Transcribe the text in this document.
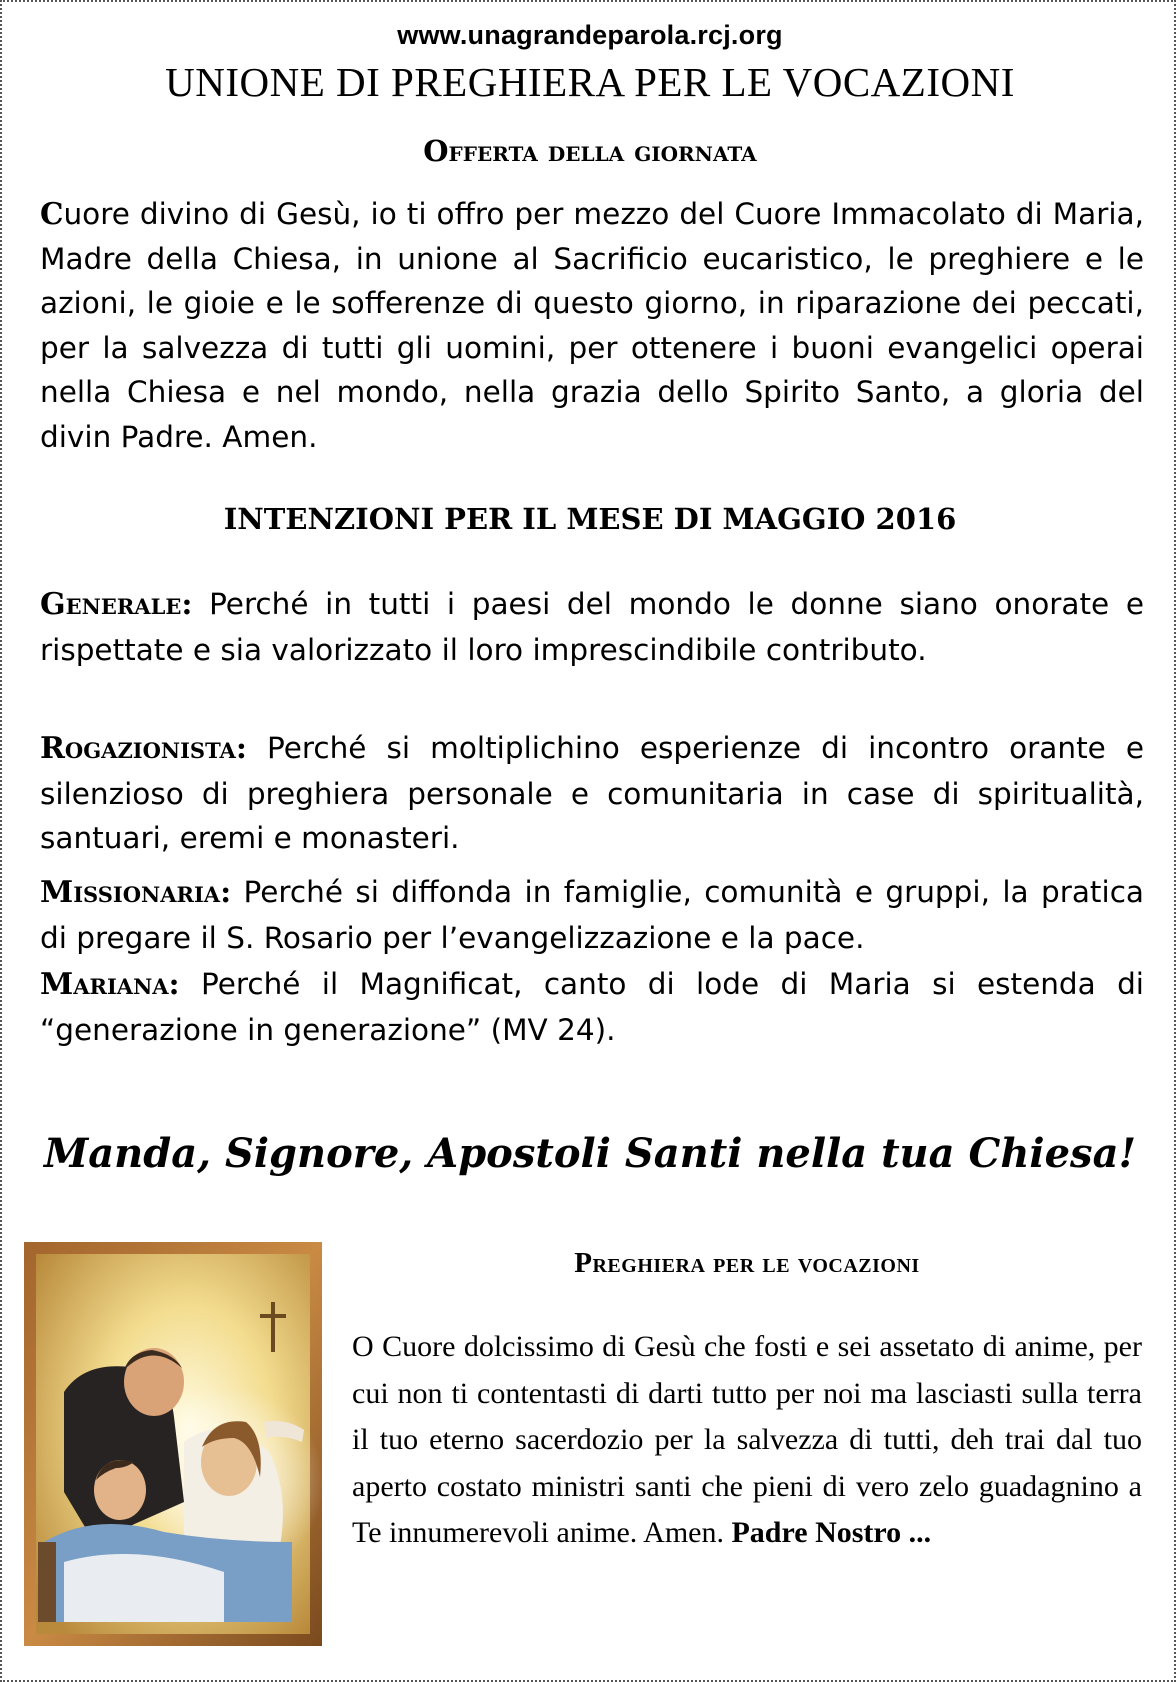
www.unagrandeparola.rcj.org
UNIONE DI PREGHIERA PER LE VOCAZIONI
Offerta della giornata
Cuore divino di Gesù, io ti offro per mezzo del Cuore Immacolato di Maria, Madre della Chiesa, in unione al Sacrificio eucaristico, le preghiere e le azioni, le gioie e le sofferenze di questo giorno, in riparazione dei peccati, per la salvezza di tutti gli uomini, per ottenere i buoni evangelici operai nella Chiesa e nel mondo, nella grazia dello Spirito Santo, a gloria del divin Padre. Amen.
INTENZIONI PER IL MESE DI MAGGIO 2016
Generale: Perché in tutti i paesi del mondo le donne siano onorate e rispettate e sia valorizzato il loro imprescindibile contributo.
Rogazionista: Perché si moltiplichino esperienze di incontro orante e silenzioso di preghiera personale e comunitaria in case di spiritualità, santuari, eremi e monasteri.
Missionaria: Perché si diffonda in famiglie, comunità e gruppi, la pratica di pregare il S. Rosario per l’evangelizzazione e la pace.
Mariana: Perché il Magnificat, canto di lode di Maria si estenda di “generazione in generazione” (MV 24).
Manda, Signore, Apostoli Santi nella tua Chiesa!
Preghiera per le vocazioni
O Cuore dolcissimo di Gesù che fosti e sei assetato di anime, per cui non ti contentasti di darti tutto per noi ma lasciasti sulla terra il tuo eterno sacerdozio per la salvezza di tutti, deh trai dal tuo aperto costato ministri santi che pieni di vero zelo guadagnino a Te innumerevoli anime. Amen. Padre Nostro ...
